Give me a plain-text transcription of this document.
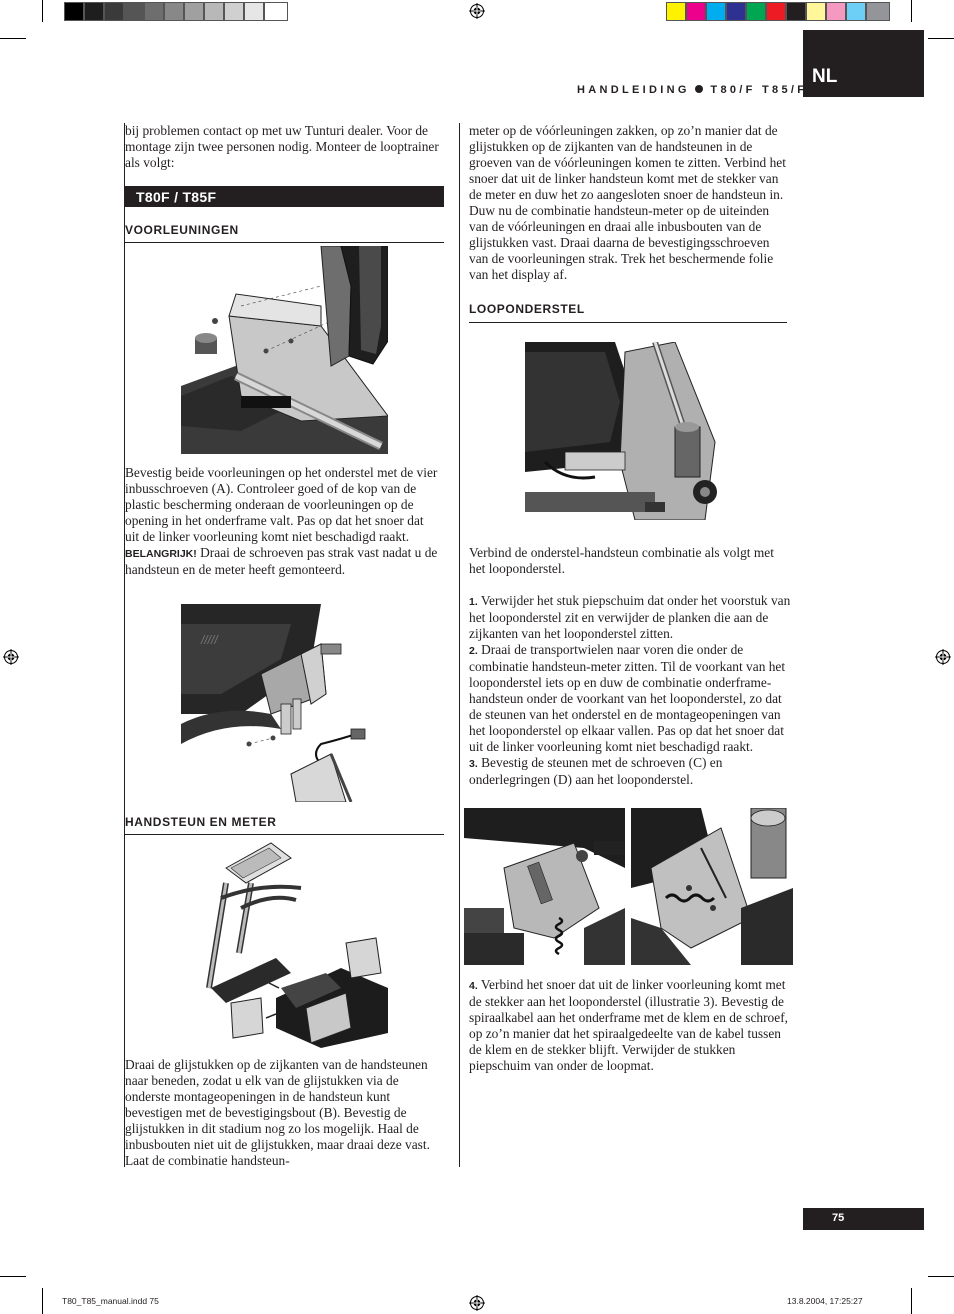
NL
HANDLEIDING T80/F T85/F

bij problemen contact op met uw Tunturi dealer. Voor de montage zijn twee personen nodig. Monteer de looptrainer als volgt:

T80F / T85F
VOORLEUNINGEN

Bevestig beide voorleuningen op het onderstel met de vier inbusschroeven (A). Controleer goed of de kop van de plastic bescherming onderaan de voorleuningen op de opening in het onderframe valt. Pas op dat het snoer dat uit de linker voorleuning komt niet beschadigd raakt. BELANGRIJK! Draai de schroeven pas strak vast nadat u de handsteun en de meter heeft gemonteerd.

/////
HANDSTEUN EN METER

Draai de glijstukken op de zijkanten van de handsteunen naar beneden, zodat u elk van de glijstukken via de onderste montageopeningen in de handsteun kunt bevestigen met de bevestigingsbout (B). Bevestig de glijstukken in dit stadium nog zo los mogelijk. Haal de inbusbouten niet uit de glijstukken, maar draai deze vast. Laat de combinatie handsteun-

meter op de vóórleuningen zakken, op zo’n manier dat de glijstukken op de zijkanten van de handsteunen in de groeven van de vóórleuningen komen te zitten. Verbind het snoer dat uit de linker handsteun komt met de stekker van de meter en duw het zo aangesloten snoer de handsteun in. Duw nu de combinatie handsteun-meter op de uiteinden van de vóórleuningen en draai alle inbusbouten van de glijstukken vast. Draai daarna de bevestigingsschroeven van de voorleuningen strak. Trek het beschermende folie van het display af.

LOOPONDERSTEL

Verbind de onderstel-handsteun combinatie als volgt met het looponderstel.

1. Verwijder het stuk piepschuim dat onder het voorstuk van het looponderstel zit en verwijder de planken die aan de zijkanten van het looponderstel zitten.

2. Draai de transportwielen naar voren die onder de combinatie handsteun-meter zitten. Til de voorkant van het looponderstel iets op en duw de combinatie onderframe-handsteun onder de voorkant van het looponderstel, zo dat de steunen van het onderstel en de montageopeningen van het looponderstel op elkaar vallen. Pas op dat het snoer dat uit de linker voorleuning komt niet beschadigd raakt.

3. Bevestig de steunen met de schroeven (C) en onderlegringen (D) aan het looponderstel.

4. Verbind het snoer dat uit de linker voorleuning komt met de stekker aan het looponderstel (illustratie 3). Bevestig de spiraalkabel aan het onderframe met de klem en de schroef, op zo’n manier dat het spiraalgedeelte van de kabel tussen de klem en de stekker blijft. Verwijder de stukken piepschuim van onder de loopmat.

75
T80_T85_manual.indd 75	13.8.2004, 17:25:27
